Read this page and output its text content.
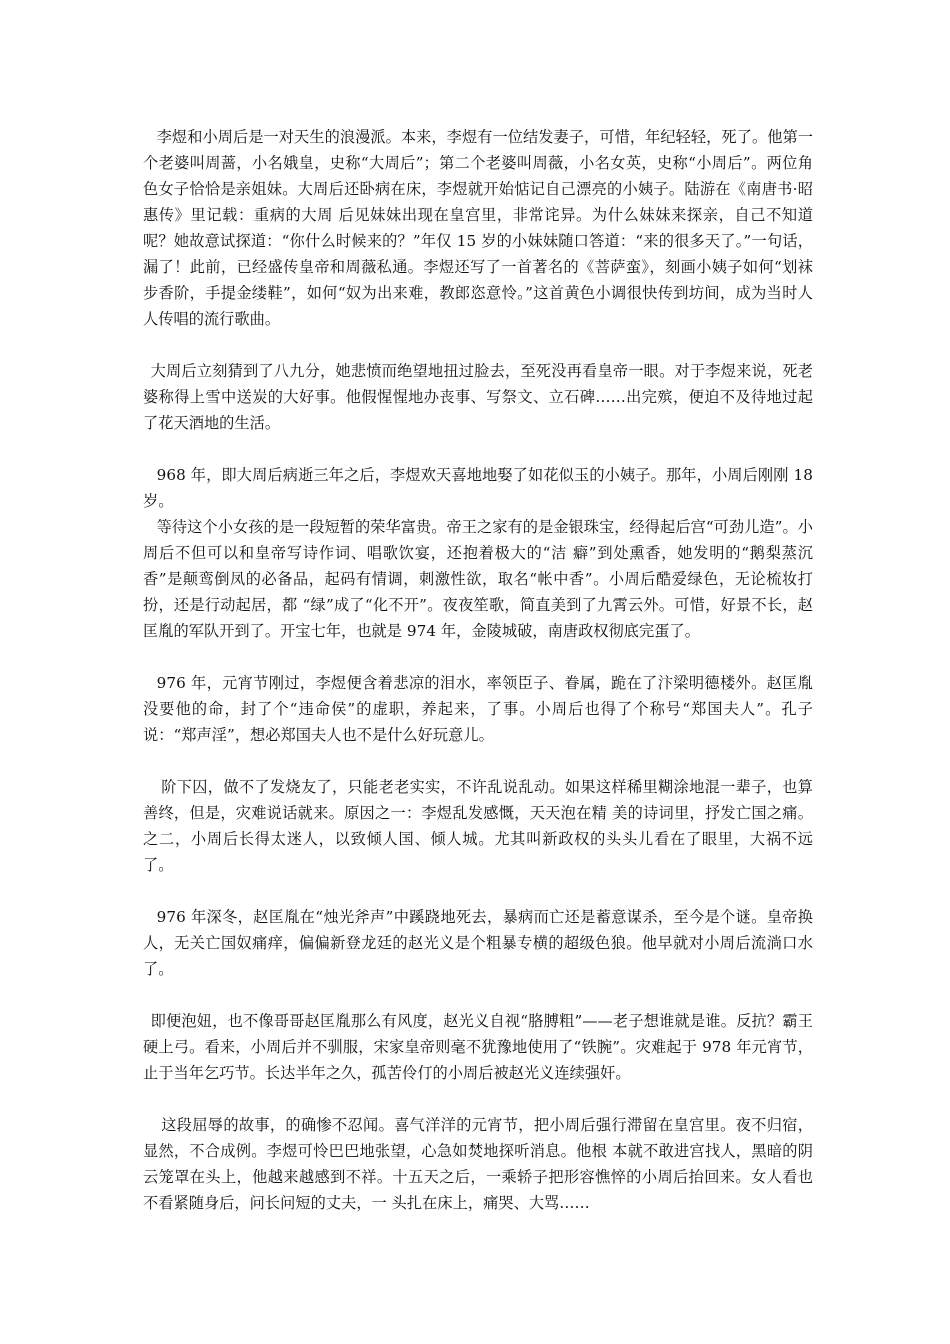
李煜和小周后是一对天生的浪漫派。本来，李煜有一位结发妻子，可惜，年纪轻轻，死了。他第一个老婆叫周蔷，小名娥皇，史称“大周后”；第二个老婆叫周薇，小名女英，史称“小周后”。两位角色女子恰恰是亲姐妹。大周后还卧病在床，李煜就开始惦记自己漂亮的小姨子。陆游在《南唐书·昭惠传》里记载：重病的大周 后见妹妹出现在皇宫里，非常诧异。为什么妹妹来探亲，自己不知道呢？她故意试探道：“你什么时候来的？”年仅 15 岁的小妹妹随口答道：“来的很多天了。”一句话，漏了！此前，已经盛传皇帝和周薇私通。李煜还写了一首著名的《菩萨蛮》，刻画小姨子如何“划袜步香阶，手提金缕鞋”，如何“奴为出来难，教郎恣意怜。”这首黄色小调很快传到坊间，成为当时人人传唱的流行歌曲。

大周后立刻猜到了八九分，她悲愤而绝望地扭过脸去，至死没再看皇帝一眼。对于李煜来说，死老婆称得上雪中送炭的大好事。他假惺惺地办丧事、写祭文、立石碑……出完殡，便迫不及待地过起了花天酒地的生活。

968 年，即大周后病逝三年之后，李煜欢天喜地地娶了如花似玉的小姨子。那年，小周后刚刚 18 岁。

等待这个小女孩的是一段短暂的荣华富贵。帝王之家有的是金银珠宝，经得起后宫“可劲儿造”。小周后不但可以和皇帝写诗作词、唱歌饮宴，还抱着极大的“洁 癖”到处熏香，她发明的“鹅梨蒸沉香”是颠鸾倒凤的必备品，起码有情调，刺激性欲，取名“帐中香”。小周后酷爱绿色，无论梳妆打扮，还是行动起居，都 “绿”成了“化不开”。夜夜笙歌，简直美到了九霄云外。可惜，好景不长，赵匡胤的军队开到了。开宝七年，也就是 974 年，金陵城破，南唐政权彻底完蛋了。

976 年，元宵节刚过，李煜便含着悲凉的泪水，率领臣子、眷属，跪在了汴梁明德楼外。赵匡胤没要他的命，封了个“违命侯”的虚职，养起来，了事。小周后也得了个称号“郑国夫人”。孔子说：“郑声淫”，想必郑国夫人也不是什么好玩意儿。

阶下囚，做不了发烧友了，只能老老实实，不许乱说乱动。如果这样稀里糊涂地混一辈子，也算善终，但是，灾难说话就来。原因之一：李煜乱发感慨，天天泡在精 美的诗词里，抒发亡国之痛。之二，小周后长得太迷人，以致倾人国、倾人城。尤其叫新政权的头头儿看在了眼里，大祸不远了。

976 年深冬，赵匡胤在“烛光斧声”中蹊跷地死去，暴病而亡还是蓄意谋杀，至今是个谜。皇帝换人，无关亡国奴痛痒，偏偏新登龙廷的赵光义是个粗暴专横的超级色狼。他早就对小周后流淌口水了。

即便泡妞，也不像哥哥赵匡胤那么有风度，赵光义自视“胳膊粗”——老子想谁就是谁。反抗？霸王硬上弓。看来，小周后并不驯服，宋家皇帝则毫不犹豫地使用了“铁腕”。灾难起于 978 年元宵节，止于当年乞巧节。长达半年之久，孤苦伶仃的小周后被赵光义连续强奸。

这段屈辱的故事，的确惨不忍闻。喜气洋洋的元宵节，把小周后强行滞留在皇宫里。夜不归宿，显然，不合成例。李煜可怜巴巴地张望，心急如焚地探听消息。他根 本就不敢进宫找人，黑暗的阴云笼罩在头上，他越来越感到不祥。十五天之后，一乘轿子把形容憔悴的小周后抬回来。女人看也不看紧随身后，问长问短的丈夫，一 头扎在床上，痛哭、大骂……
